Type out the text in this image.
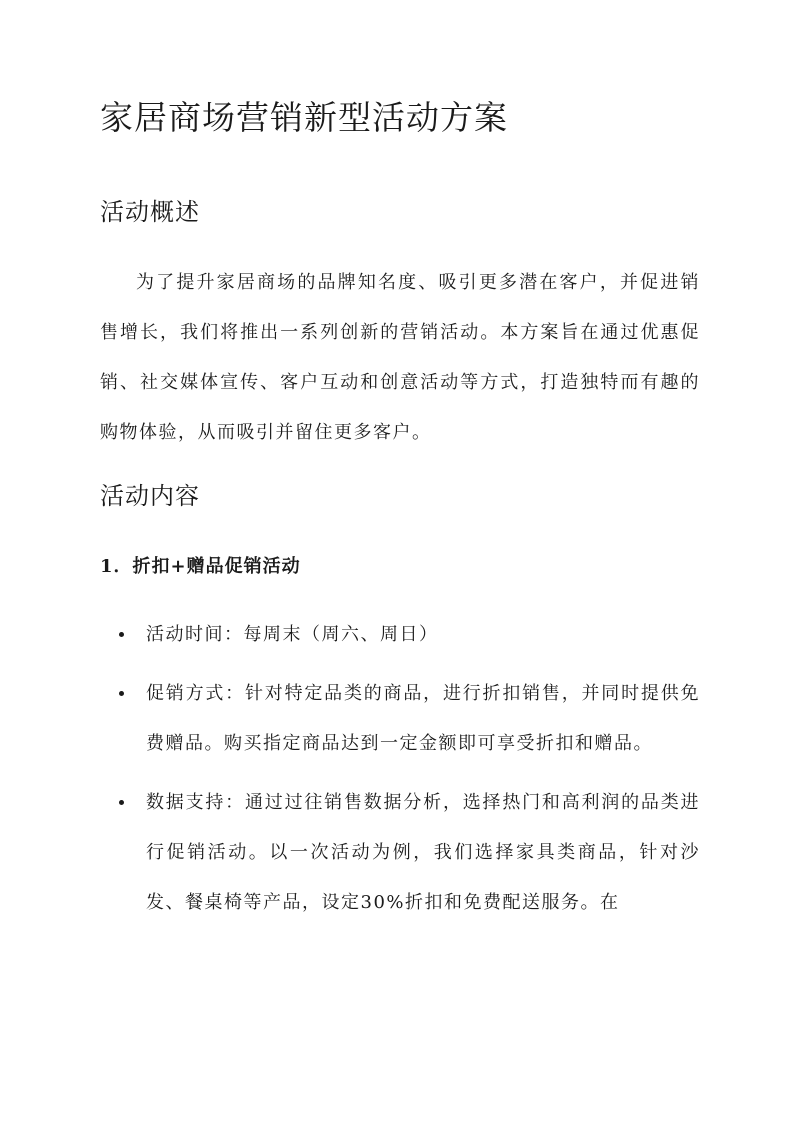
家居商场营销新型活动方案
活动概述

为了提升家居商场的品牌知名度、吸引更多潜在客户，并促进销售增长，我们将推出一系列创新的营销活动。本方案旨在通过优惠促销、社交媒体宣传、客户互动和创意活动等方式，打造独特而有趣的购物体验，从而吸引并留住更多客户。

活动内容
1．折扣+赠品促销活动
活动时间：每周末（周六、周日）
促销方式：针对特定品类的商品，进行折扣销售，并同时提供免费赠品。购买指定商品达到一定金额即可享受折扣和赠品。
数据支持：通过过往销售数据分析，选择热门和高利润的品类进行促销活动。以一次活动为例，我们选择家具类商品，针对沙发、餐桌椅等产品，设定30%折扣和免费配送服务。在
